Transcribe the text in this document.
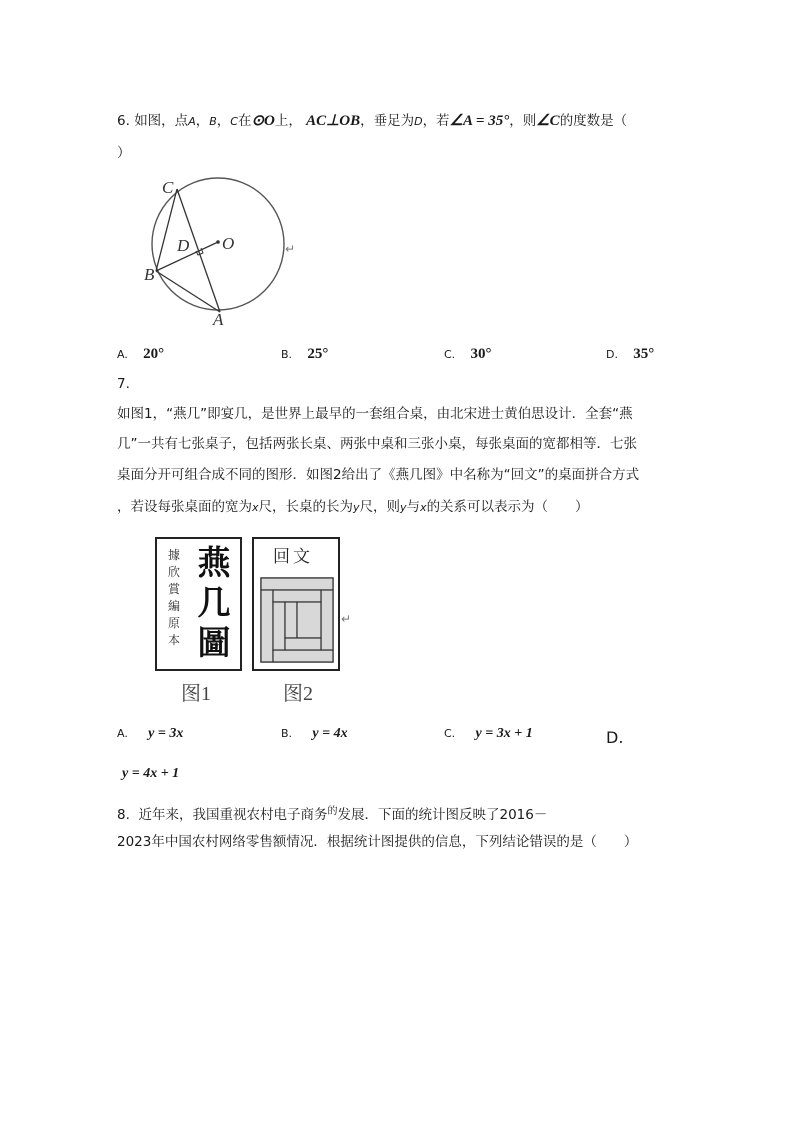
6. 如图，点A，B，C在⊙O上， AC⊥OB，垂足为D，若∠A = 35°，则∠C的度数是（
）
C
D O
B
A
↵
A. 20°	B. 25°	C. 30°	D. 35°
7.
如图1，“燕几”即宴几，是世界上最早的一套组合桌，由北宋进士黄伯思设计．全套“燕
几”一共有七张桌子，包括两张长桌、两张中桌和三张小桌，每张桌面的宽都相等．七张
桌面分开可组合成不同的图形．如图2给出了《燕几图》中名称为“回文”的桌面拼合方式
，若设每张桌面的宽为x尺，长桌的长为y尺，则y与x的关系可以表示为（　　）
據
欣
賞
編
原
本
燕
几
圖
图1
回文
↵
图2
A. y = 3x	B. y = 4x	C. y = 3x + 1	D.
y = 4x + 1
8. 近年来，我国重视农村电子商务$^的$发展．下面的统计图反映了2016－
2023年中国农村网络零售额情况．根据统计图提供的信息，下列结论错误的是（　　）
